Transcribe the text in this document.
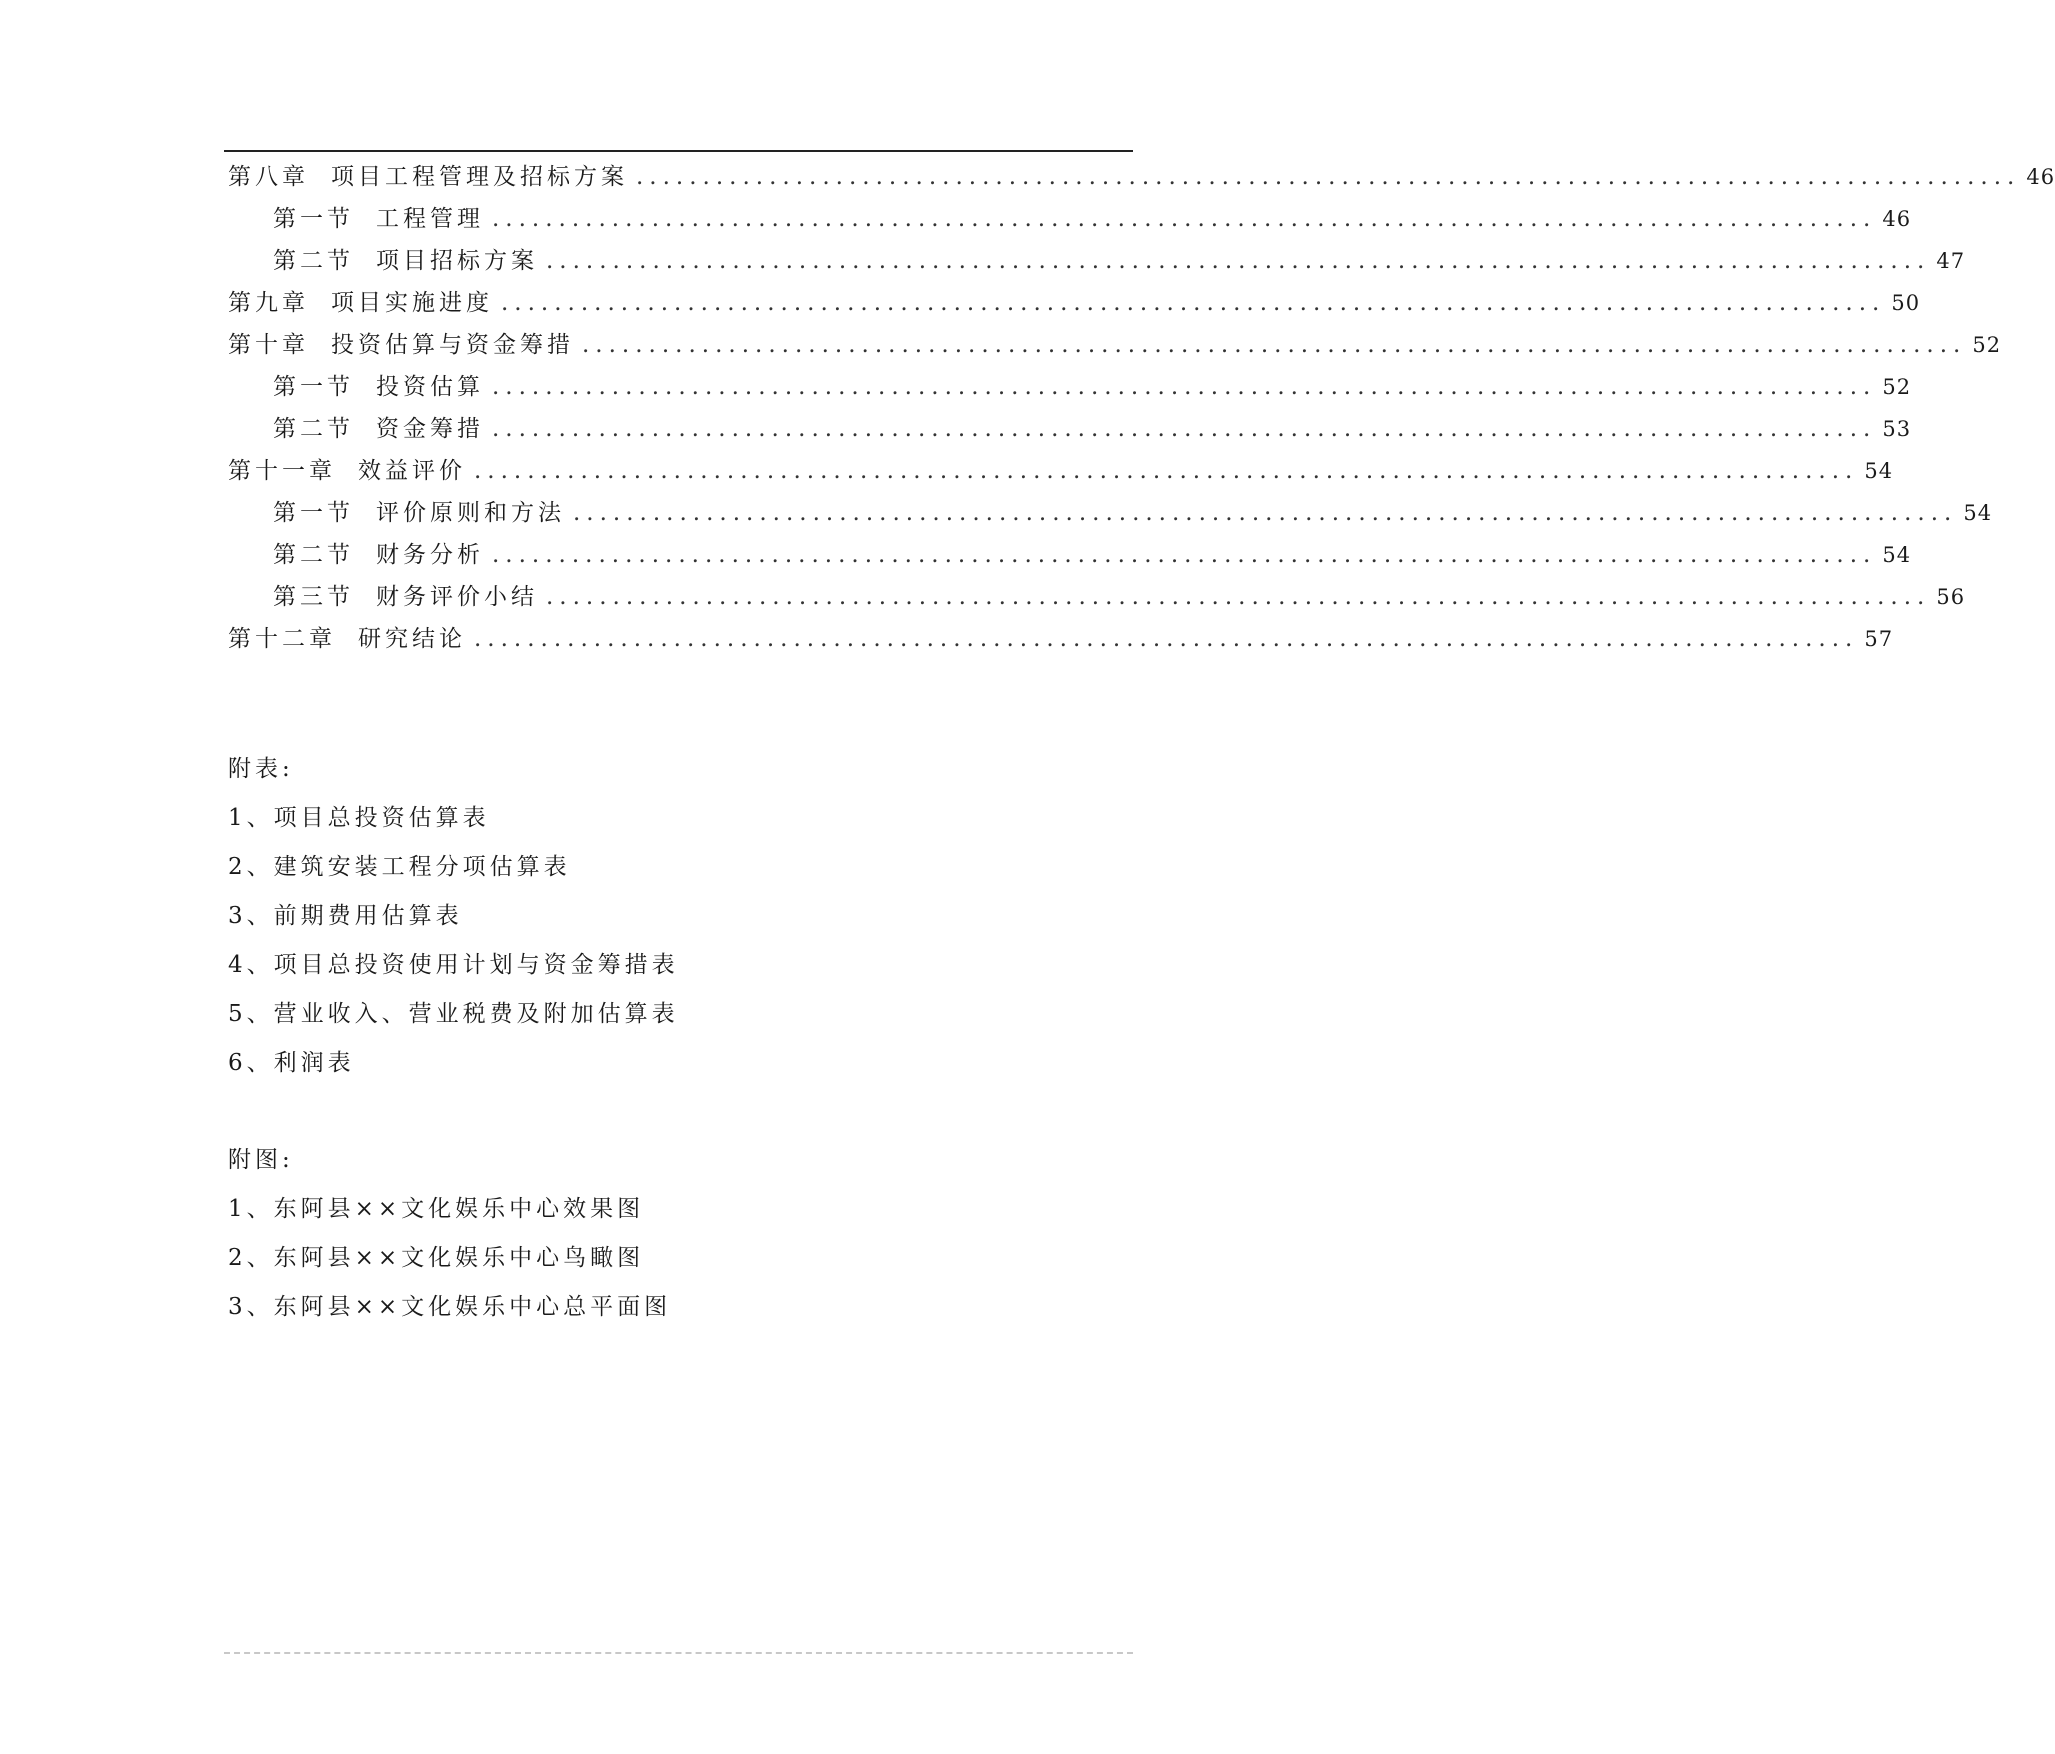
第八章 项目工程管理及招标方案 ........................................................................................................ 46
第一节 工程管理 ........................................................................................................ 46
第二节 项目招标方案 ........................................................................................................ 47
第九章 项目实施进度 ........................................................................................................ 50
第十章 投资估算与资金筹措 ........................................................................................................ 52
第一节 投资估算 ........................................................................................................ 52
第二节 资金筹措 ........................................................................................................ 53
第十一章 效益评价 ........................................................................................................ 54
第一节 评价原则和方法 ........................................................................................................ 54
第二节 财务分析 ........................................................................................................ 54
第三节 财务评价小结 ........................................................................................................ 56
第十二章 研究结论 ........................................................................................................ 57
附表:
1、项目总投资估算表
2、建筑安装工程分项估算表
3、前期费用估算表
4、项目总投资使用计划与资金筹措表
5、营业收入、营业税费及附加估算表
6、利润表
附图:
1、东阿县××文化娱乐中心效果图
2、东阿县××文化娱乐中心鸟瞰图
3、东阿县××文化娱乐中心总平面图
